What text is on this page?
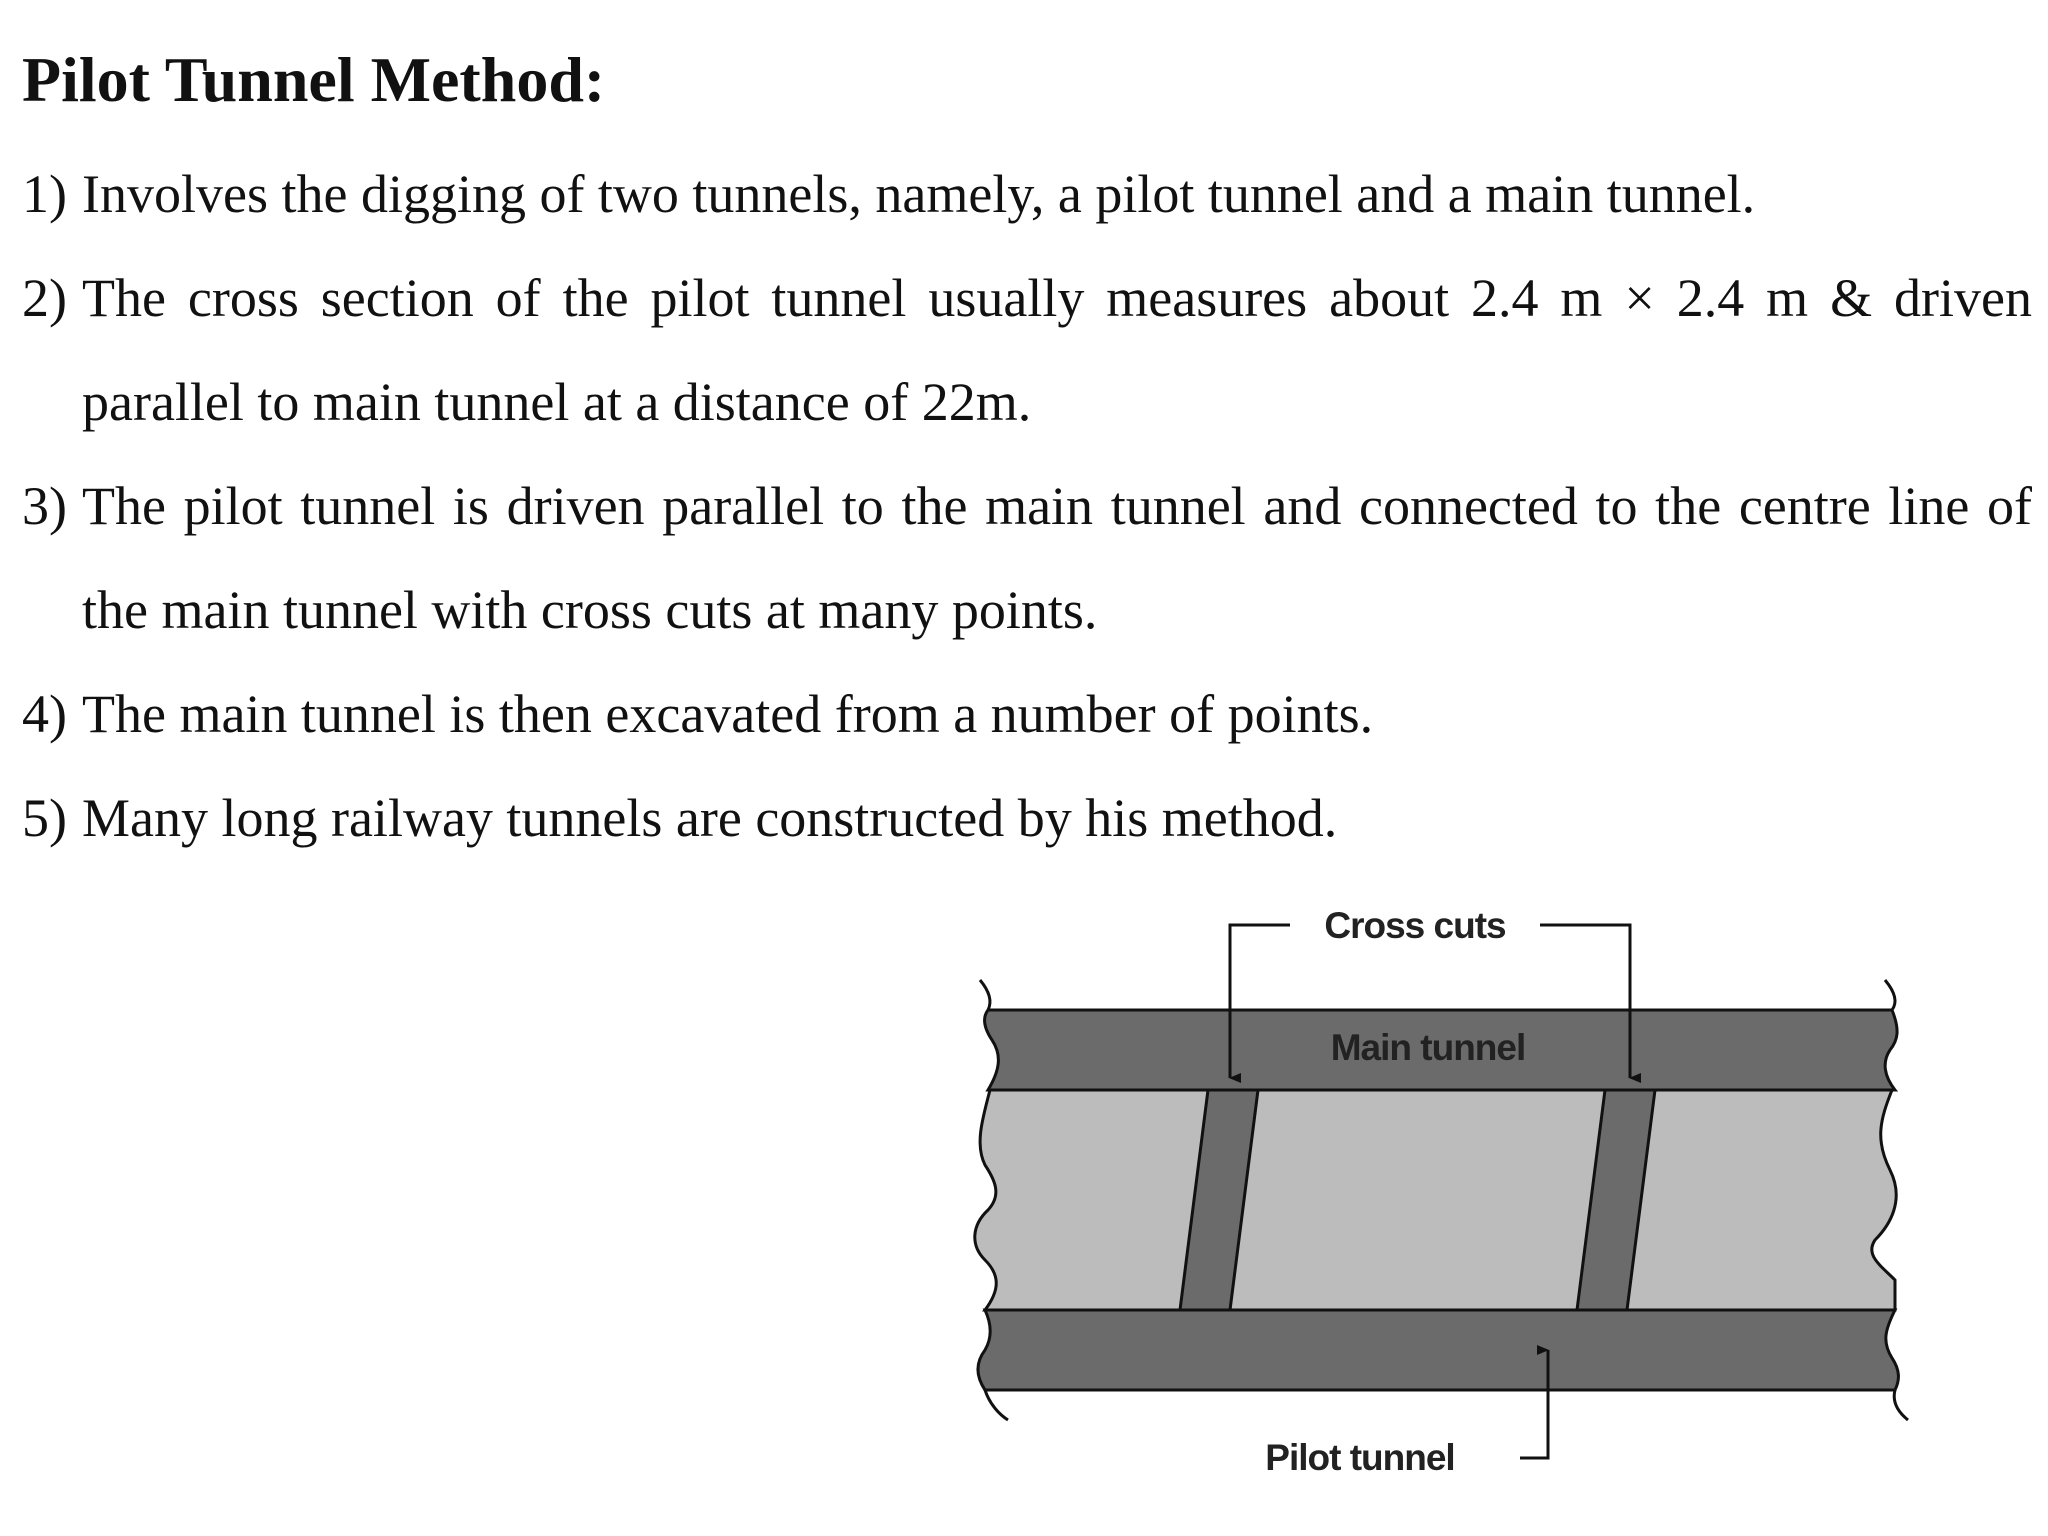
Pilot Tunnel Method:
1) Involves the digging of two tunnels, namely, a pilot tunnel and a main tunnel.
2) The cross section of the pilot tunnel usually measures about 2.4 m × 2.4 m & driven parallel to main tunnel at a distance of 22m.
3) The pilot tunnel is driven parallel to the main tunnel and connected to the centre line of the main tunnel with cross cuts at many points.
4) The main tunnel is then excavated from a number of points.
5) Many long railway tunnels are constructed by his method.
Cross cuts
Main tunnel
Pilot tunnel
